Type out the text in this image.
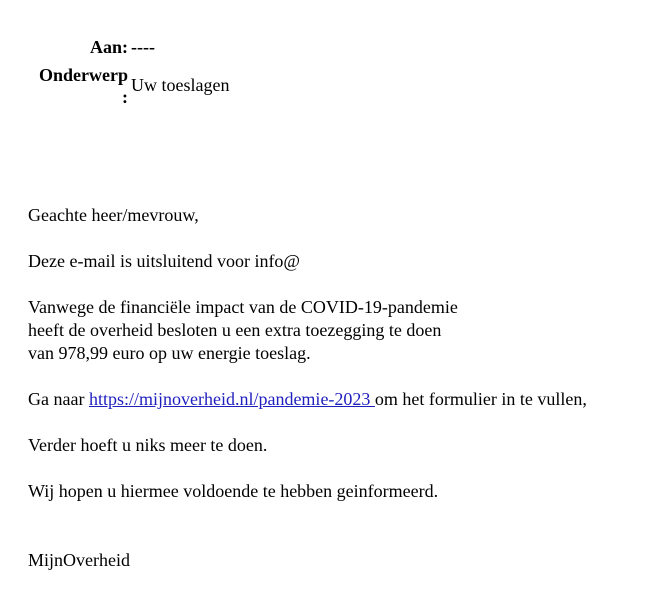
Aan:	----
Onderwerp
:	Uw toeslagen

Geachte heer/mevrouw,

Deze e-mail is uitsluitend voor info@

Vanwege de financiële impact van de COVID-19-pandemie

heeft de overheid besloten u een extra toezegging te doen

van 978,99 euro op uw energie toeslag.

Ga naar https://mijnoverheid.nl/pandemie-2023 om het formulier in te vullen,

Verder hoeft u niks meer te doen.

Wij hopen u hiermee voldoende te hebben geinformeerd.

MijnOverheid
